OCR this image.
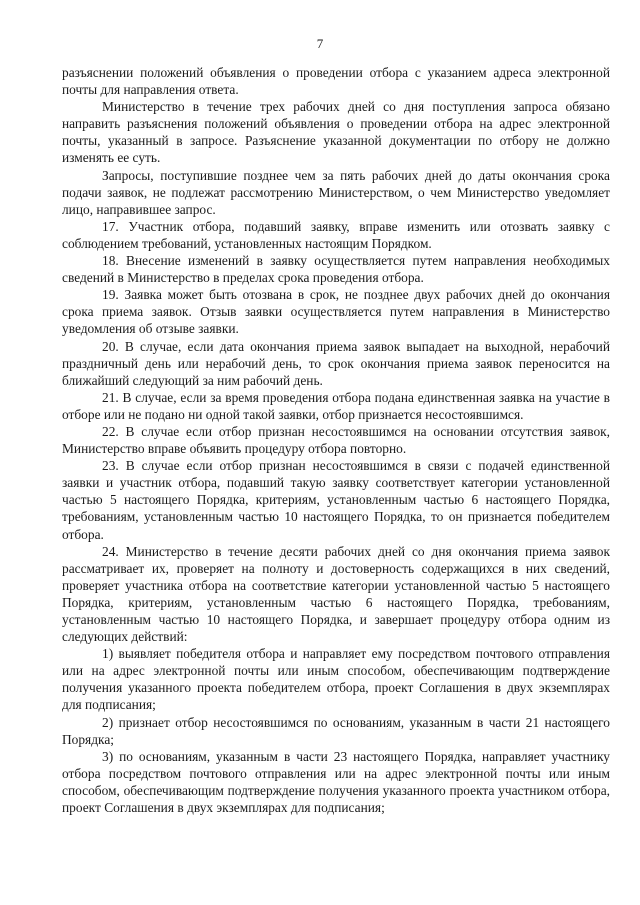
7

разъяснении положений объявления о проведении отбора с указанием адреса электронной почты для направления ответа.

Министерство в течение трех рабочих дней со дня поступления запроса обязано направить разъяснения положений объявления о проведении отбора на адрес электронной почты, указанный в запросе. Разъяснение указанной документации по отбору не должно изменять ее суть.

Запросы, поступившие позднее чем за пять рабочих дней до даты окончания срока подачи заявок, не подлежат рассмотрению Министерством, о чем Министерство уведомляет лицо, направившее запрос.

17. Участник отбора, подавший заявку, вправе изменить или отозвать заявку с соблюдением требований, установленных настоящим Порядком.

18. Внесение изменений в заявку осуществляется путем направления необходимых сведений в Министерство в пределах срока проведения отбора.

19. Заявка может быть отозвана в срок, не позднее двух рабочих дней до окончания срока приема заявок. Отзыв заявки осуществляется путем направления в Министерство уведомления об отзыве заявки.

20. В случае, если дата окончания приема заявок выпадает на выходной, нерабочий праздничный день или нерабочий день, то срок окончания приема заявок переносится на ближайший следующий за ним рабочий день.

21. В случае, если за время проведения отбора подана единственная заявка на участие в отборе или не подано ни одной такой заявки, отбор признается несостоявшимся.

22. В случае если отбор признан несостоявшимся на основании отсутствия заявок, Министерство вправе объявить процедуру отбора повторно.

23. В случае если отбор признан несостоявшимся в связи с подачей единственной заявки и участник отбора, подавший такую заявку соответствует категории установленной частью 5 настоящего Порядка, критериям, установленным частью 6 настоящего Порядка, требованиям, установленным частью 10 настоящего Порядка, то он признается победителем отбора.

24. Министерство в течение десяти рабочих дней со дня окончания приема заявок рассматривает их, проверяет на полноту и достоверность содержащихся в них сведений, проверяет участника отбора на соответствие категории установленной частью 5 настоящего Порядка, критериям, установленным частью 6 настоящего Порядка, требованиям, установленным частью 10 настоящего Порядка, и завершает процедуру отбора одним из следующих действий:

1) выявляет победителя отбора и направляет ему посредством почтового отправления или на адрес электронной почты или иным способом, обеспечивающим подтверждение получения указанного проекта победителем отбора, проект Соглашения в двух экземплярах для подписания;

2) признает отбор несостоявшимся по основаниям, указанным в части 21 настоящего Порядка;

3) по основаниям, указанным в части 23 настоящего Порядка, направляет участнику отбора посредством почтового отправления или на адрес электронной почты или иным способом, обеспечивающим подтверждение получения указанного проекта участником отбора, проект Соглашения в двух экземплярах для подписания;
